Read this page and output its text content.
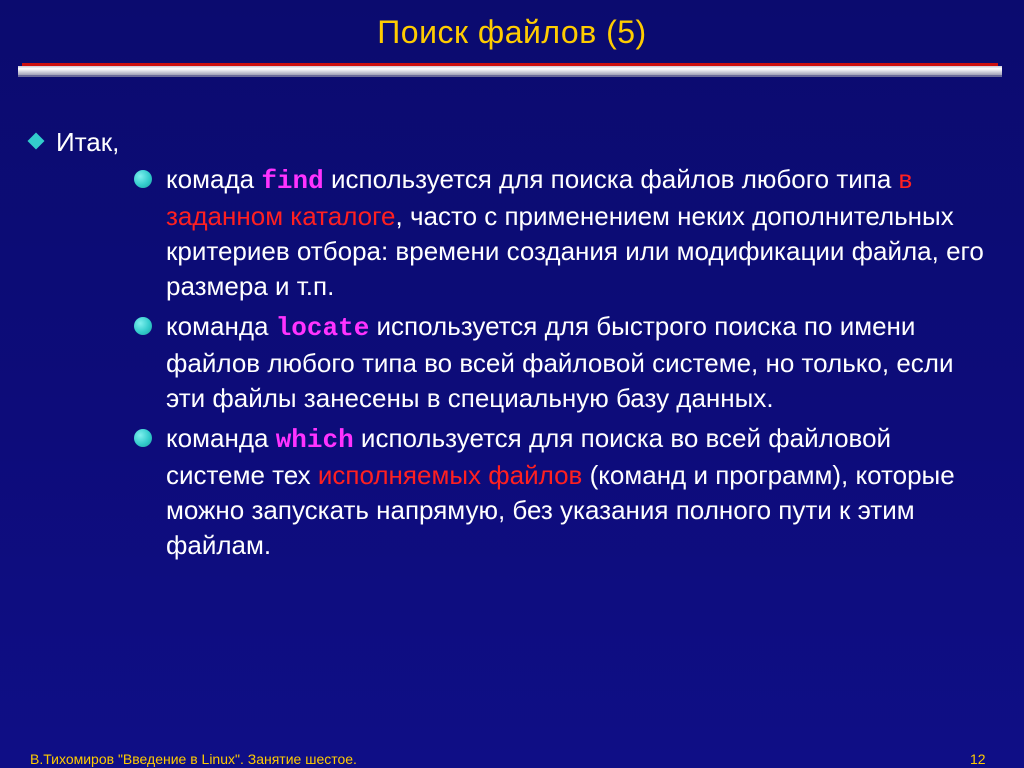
Поиск файлов (5)
Итак,
комада find используется для поиска файлов любого типа в заданном каталоге, часто с применением неких дополнительных критериев отбора: времени создания или модификации файла, его размера и т.п.
команда locate используется для быстрого поиска по имени файлов любого типа во всей файловой системе, но только, если эти файлы занесены в специальную базу данных.
команда which используется для поиска во всей файловой системе тех исполняемых файлов (команд и программ), которые можно запускать напрямую, без указания полного пути к этим файлам.
В.Тихомиров "Введение в Linux". Занятие шестое.	12
